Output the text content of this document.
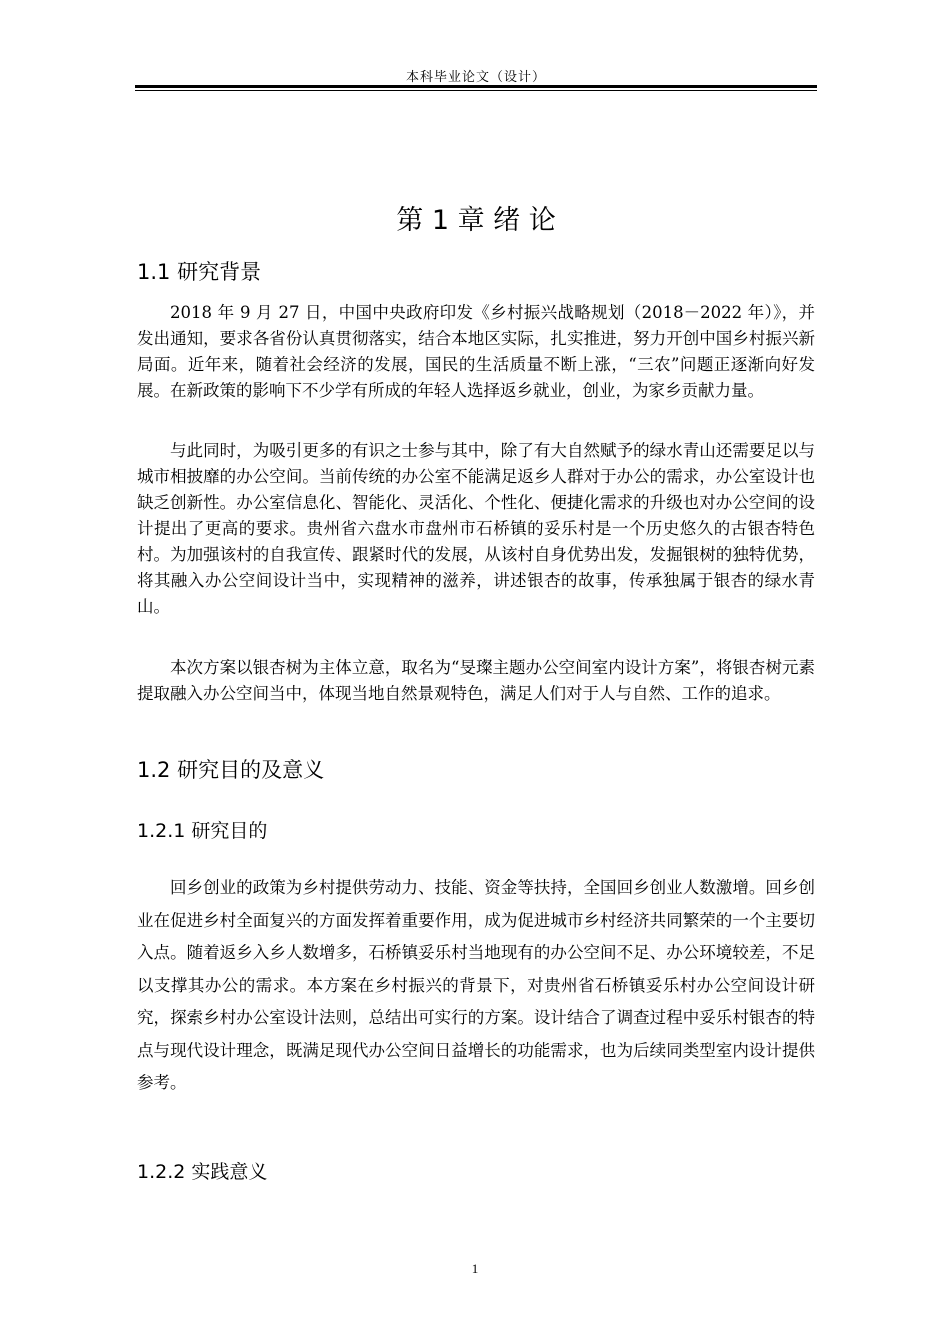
本科毕业论文（设计）
第 1 章 绪 论
1.1 研究背景

2018 年 9 月 27 日，中国中央政府印发《乡村振兴战略规划（2018－2022 年）》，并发出通知，要求各省份认真贯彻落实，结合本地区实际，扎实推进，努力开创中国乡村振兴新局面。近年来，随着社会经济的发展，国民的生活质量不断上涨，“三农”问题正逐渐向好发展。在新政策的影响下不少学有所成的年轻人选择返乡就业，创业，为家乡贡献力量。

与此同时，为吸引更多的有识之士参与其中，除了有大自然赋予的绿水青山还需要足以与城市相披靡的办公空间。当前传统的办公室不能满足返乡人群对于办公的需求，办公室设计也缺乏创新性。办公室信息化、智能化、灵活化、个性化、便捷化需求的升级也对办公空间的设计提出了更高的要求。贵州省六盘水市盘州市石桥镇的妥乐村是一个历史悠久的古银杏特色村。为加强该村的自我宣传、跟紧时代的发展，从该村自身优势出发，发掘银树的独特优势，将其融入办公空间设计当中，实现精神的滋养，讲述银杏的故事，传承独属于银杏的绿水青山。

本次方案以银杏树为主体立意，取名为“旻璨主题办公空间室内设计方案”，将银杏树元素提取融入办公空间当中，体现当地自然景观特色，满足人们对于人与自然、工作的追求。

1.2 研究目的及意义
1.2.1 研究目的

回乡创业的政策为乡村提供劳动力、技能、资金等扶持，全国回乡创业人数激增。回乡创业在促进乡村全面复兴的方面发挥着重要作用，成为促进城市乡村经济共同繁荣的一个主要切入点。随着返乡入乡人数增多，石桥镇妥乐村当地现有的办公空间不足、办公环境较差，不足以支撑其办公的需求。本方案在乡村振兴的背景下，对贵州省石桥镇妥乐村办公空间设计研究，探索乡村办公室设计法则，总结出可实行的方案。设计结合了调查过程中妥乐村银杏的特点与现代设计理念，既满足现代办公空间日益增长的功能需求，也为后续同类型室内设计提供参考。

1.2.2 实践意义
1
